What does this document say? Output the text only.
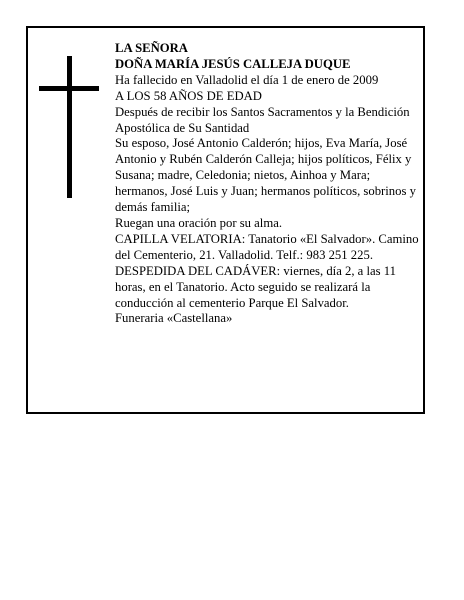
LA SEÑORA

DOÑA MARÍA JESÚS CALLEJA DUQUE

Ha fallecido en Valladolid el día 1 de enero de 2009

A LOS 58 AÑOS DE EDAD

Después de recibir los Santos Sacramentos y la Bendición Apostólica de Su Santidad

Su esposo, José Antonio Calderón; hijos, Eva María, José Antonio y Rubén Calderón Calleja; hijos políticos, Félix y Susana; madre, Celedonia; nietos, Ainhoa y Mara; hermanos, José Luis y Juan; hermanos políticos, sobrinos y demás familia;

Ruegan una oración por su alma.

CAPILLA VELATORIA: Tanatorio «El Salvador». Camino del Cementerio, 21. Valladolid. Telf.: 983 251 225.

DESPEDIDA DEL CADÁVER: viernes, día 2, a las 11 horas, en el Tanatorio. Acto seguido se realizará la conducción al cementerio Parque El Salvador.

Funeraria «Castellana»
